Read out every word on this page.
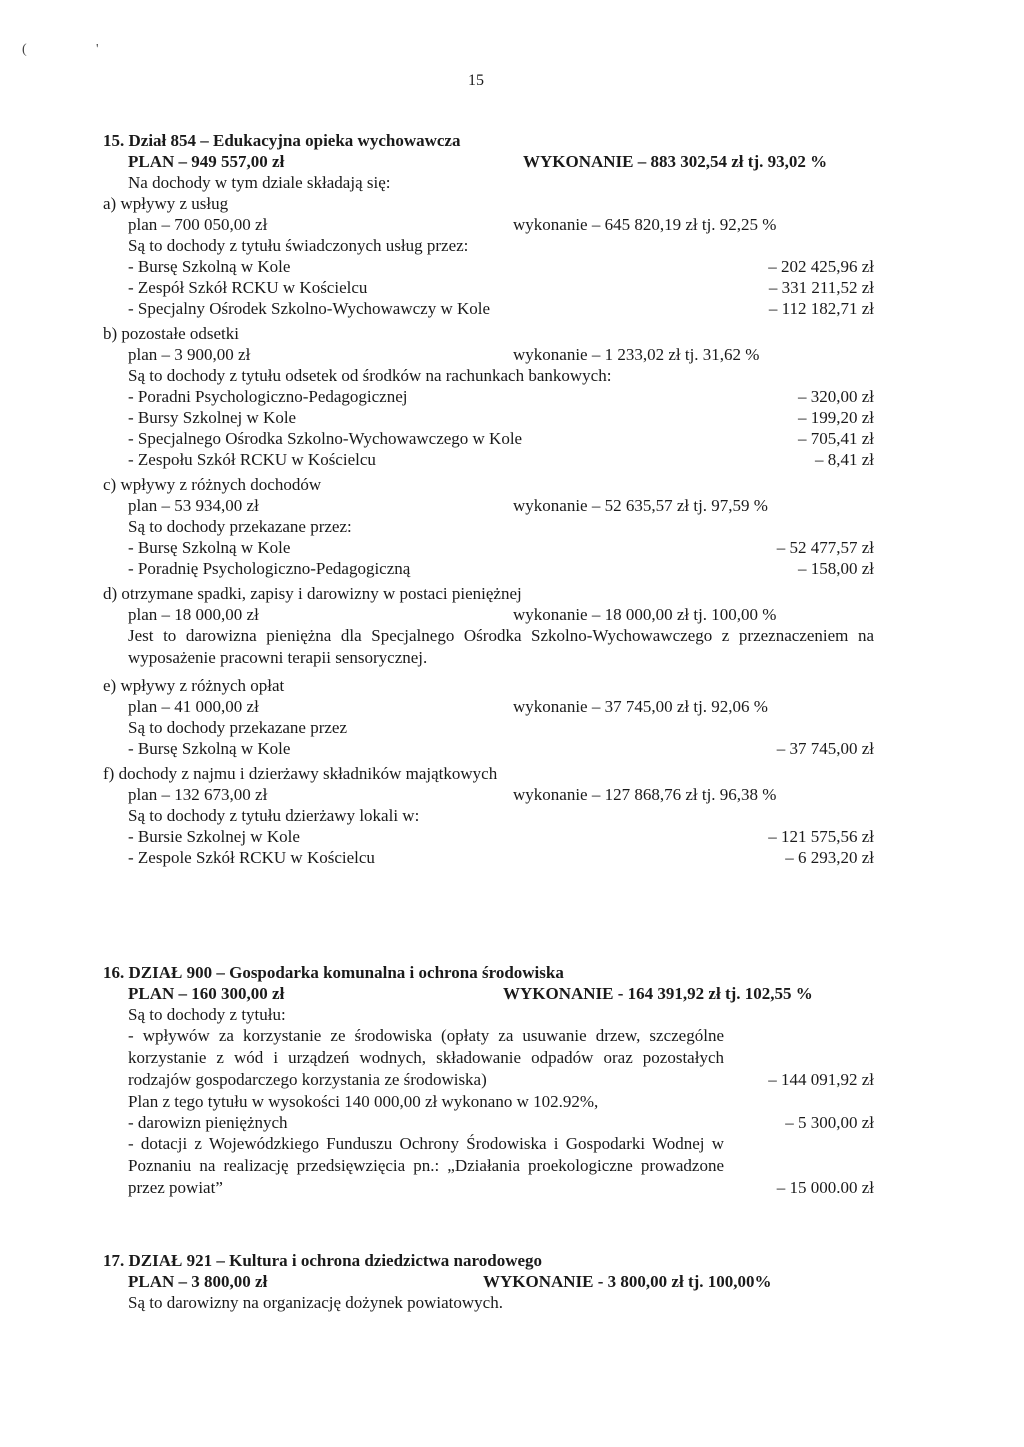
(	'
15
15. Dział 854 – Edukacyjna opieka wychowawcza
PLAN – 949 557,00 zł	WYKONANIE – 883 302,54 zł tj. 93,02 %
Na dochody w tym dziale składają się:
a) wpływy z usług
plan – 700 050,00 zł	wykonanie – 645 820,19 zł tj. 92,25 %
Są to dochody z tytułu świadczonych usług przez:
- Bursę Szkolną w Kole	– 202 425,96 zł
- Zespół Szkół RCKU w Kościelcu	– 331 211,52 zł
- Specjalny Ośrodek Szkolno-Wychowawczy w Kole	– 112 182,71 zł
b) pozostałe odsetki
plan – 3 900,00 zł	wykonanie – 1 233,02 zł tj. 31,62 %
Są to dochody z tytułu odsetek od środków na rachunkach bankowych:
- Poradni Psychologiczno-Pedagogicznej	– 320,00 zł
- Bursy Szkolnej w Kole	– 199,20 zł
- Specjalnego Ośrodka Szkolno-Wychowawczego w Kole	– 705,41 zł
- Zespołu Szkół RCKU w Kościelcu	– 8,41 zł
c) wpływy z różnych dochodów
plan – 53 934,00 zł	wykonanie – 52 635,57 zł tj. 97,59 %
Są to dochody przekazane przez:
- Bursę Szkolną w Kole	– 52 477,57 zł
- Poradnię Psychologiczno-Pedagogiczną	– 158,00 zł
d) otrzymane spadki, zapisy i darowizny w postaci pieniężnej
plan – 18 000,00 zł	wykonanie – 18 000,00 zł tj. 100,00 %
Jest to darowizna pieniężna dla Specjalnego Ośrodka Szkolno-Wychowawczego z przeznaczeniem na wyposażenie pracowni terapii sensorycznej.
e) wpływy z różnych opłat
plan – 41 000,00 zł	wykonanie – 37 745,00 zł tj. 92,06 %
Są to dochody przekazane przez
- Bursę Szkolną w Kole	– 37 745,00 zł
f) dochody z najmu i dzierżawy składników majątkowych
plan – 132 673,00 zł	wykonanie – 127 868,76 zł tj. 96,38 %
Są to dochody z tytułu dzierżawy lokali w:
- Bursie Szkolnej w Kole	– 121 575,56 zł
- Zespole Szkół RCKU w Kościelcu	– 6 293,20 zł
16. DZIAŁ 900 – Gospodarka komunalna i ochrona środowiska
PLAN – 160 300,00 zł	WYKONANIE - 164 391,92 zł tj. 102,55 %
Są to dochody z tytułu:
- wpływów za korzystanie ze środowiska (opłaty za usuwanie drzew, szczególne korzystanie z wód i urządzeń wodnych, składowanie odpadów oraz pozostałych rodzajów gospodarczego korzystania ze środowiska)	– 144 091,92 zł
Plan z tego tytułu w wysokości 140 000,00 zł wykonano w 102.92%,
- darowizn pieniężnych	– 5 300,00 zł
- dotacji z Wojewódzkiego Funduszu Ochrony Środowiska i Gospodarki Wodnej w Poznaniu na realizację przedsięwzięcia pn.: „Działania proekologiczne prowadzone przez powiat”	– 15 000.00 zł
17. DZIAŁ 921 – Kultura i ochrona dziedzictwa narodowego
PLAN – 3 800,00 zł	WYKONANIE - 3 800,00 zł tj. 100,00%
Są to darowizny na organizację dożynek powiatowych.
